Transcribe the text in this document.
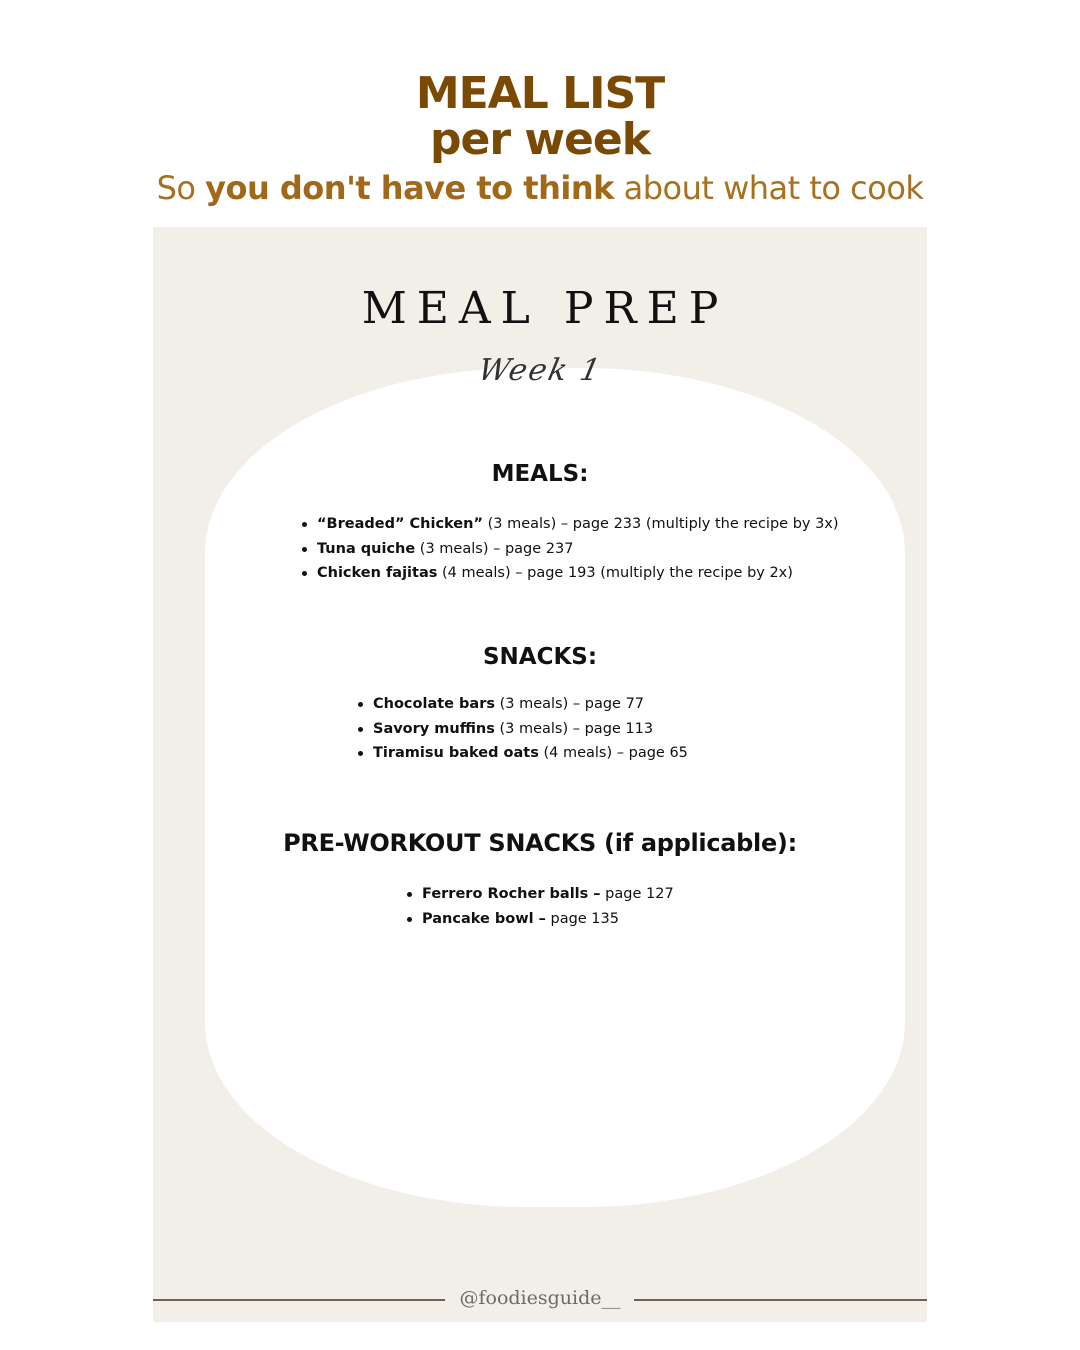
MEAL LIST
per week
So you don't have to think about what to cook
MEAL PREP
Week 1
MEALS:
“Breaded” Chicken” (3 meals) – page 233 (multiply the recipe by 3x)
Tuna quiche (3 meals) – page 237
Chicken fajitas (4 meals) – page 193 (multiply the recipe by 2x)
SNACKS:
Chocolate bars (3 meals) – page 77
Savory muffins (3 meals) – page 113
Tiramisu baked oats (4 meals) – page 65
PRE-WORKOUT SNACKS (if applicable):
Ferrero Rocher balls – page 127
Pancake bowl – page 135
@foodiesguide__
